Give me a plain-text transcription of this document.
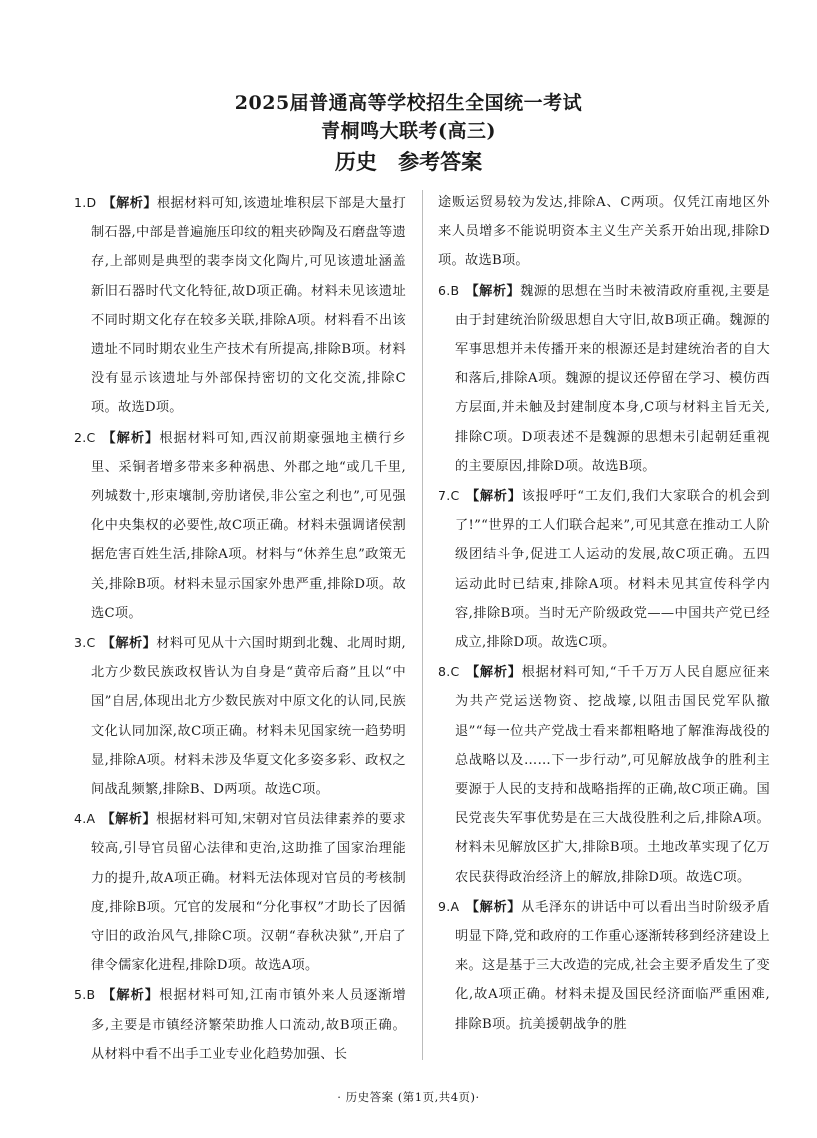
2025届普通高等学校招生全国统一考试
青桐鸣大联考(高三)
历史 参考答案

1.D 【解析】根据材料可知,该遗址堆积层下部是大量打制石器,中部是普遍施压印纹的粗夹砂陶及石磨盘等遗存,上部则是典型的裴李岗文化陶片,可见该遗址涵盖新旧石器时代文化特征,故D项正确。材料未见该遗址不同时期文化存在较多关联,排除A项。材料看不出该遗址不同时期农业生产技术有所提高,排除B项。材料没有显示该遗址与外部保持密切的文化交流,排除C项。故选D项。

2.C 【解析】根据材料可知,西汉前期豪强地主横行乡里、采铜者增多带来多种祸患、外郡之地“或几千里,列城数十,形束壤制,旁肋诸侯,非公室之利也”,可见强化中央集权的必要性,故C项正确。材料未强调诸侯割据危害百姓生活,排除A项。材料与“休养生息”政策无关,排除B项。材料未显示国家外患严重,排除D项。故选C项。

3.C 【解析】材料可见从十六国时期到北魏、北周时期,北方少数民族政权皆认为自身是“黄帝后裔”且以“中国”自居,体现出北方少数民族对中原文化的认同,民族文化认同加深,故C项正确。材料未见国家统一趋势明显,排除A项。材料未涉及华夏文化多姿多彩、政权之间战乱频繁,排除B、D两项。故选C项。

4.A 【解析】根据材料可知,宋朝对官员法律素养的要求较高,引导官员留心法律和吏治,这助推了国家治理能力的提升,故A项正确。材料无法体现对官员的考核制度,排除B项。冗官的发展和“分化事权”才助长了因循守旧的政治风气,排除C项。汉朝“春秋决狱”,开启了律令儒家化进程,排除D项。故选A项。

5.B 【解析】根据材料可知,江南市镇外来人员逐渐增多,主要是市镇经济繁荣助推人口流动,故B项正确。从材料中看不出手工业专业化趋势加强、长

途贩运贸易较为发达,排除A、C两项。仅凭江南地区外来人员增多不能说明资本主义生产关系开始出现,排除D项。故选B项。

6.B 【解析】魏源的思想在当时未被清政府重视,主要是由于封建统治阶级思想自大守旧,故B项正确。魏源的军事思想并未传播开来的根源还是封建统治者的自大和落后,排除A项。魏源的提议还停留在学习、模仿西方层面,并未触及封建制度本身,C项与材料主旨无关,排除C项。D项表述不是魏源的思想未引起朝廷重视的主要原因,排除D项。故选B项。

7.C 【解析】该报呼吁“工友们,我们大家联合的机会到了!”“世界的工人们联合起来”,可见其意在推动工人阶级团结斗争,促进工人运动的发展,故C项正确。五四运动此时已结束,排除A项。材料未见其宣传科学内容,排除B项。当时无产阶级政党——中国共产党已经成立,排除D项。故选C项。

8.C 【解析】根据材料可知,“千千万万人民自愿应征来为共产党运送物资、挖战壕,以阻击国民党军队撤退”“每一位共产党战士看来都粗略地了解淮海战役的总战略以及……下一步行动”,可见解放战争的胜利主要源于人民的支持和战略指挥的正确,故C项正确。国民党丧失军事优势是在三大战役胜利之后,排除A项。材料未见解放区扩大,排除B项。土地改革实现了亿万农民获得政治经济上的解放,排除D项。故选C项。

9.A 【解析】从毛泽东的讲话中可以看出当时阶级矛盾明显下降,党和政府的工作重心逐渐转移到经济建设上来。这是基于三大改造的完成,社会主要矛盾发生了变化,故A项正确。材料未提及国民经济面临严重困难,排除B项。抗美援朝战争的胜

· 历史答案 (第1页,共4页)·
